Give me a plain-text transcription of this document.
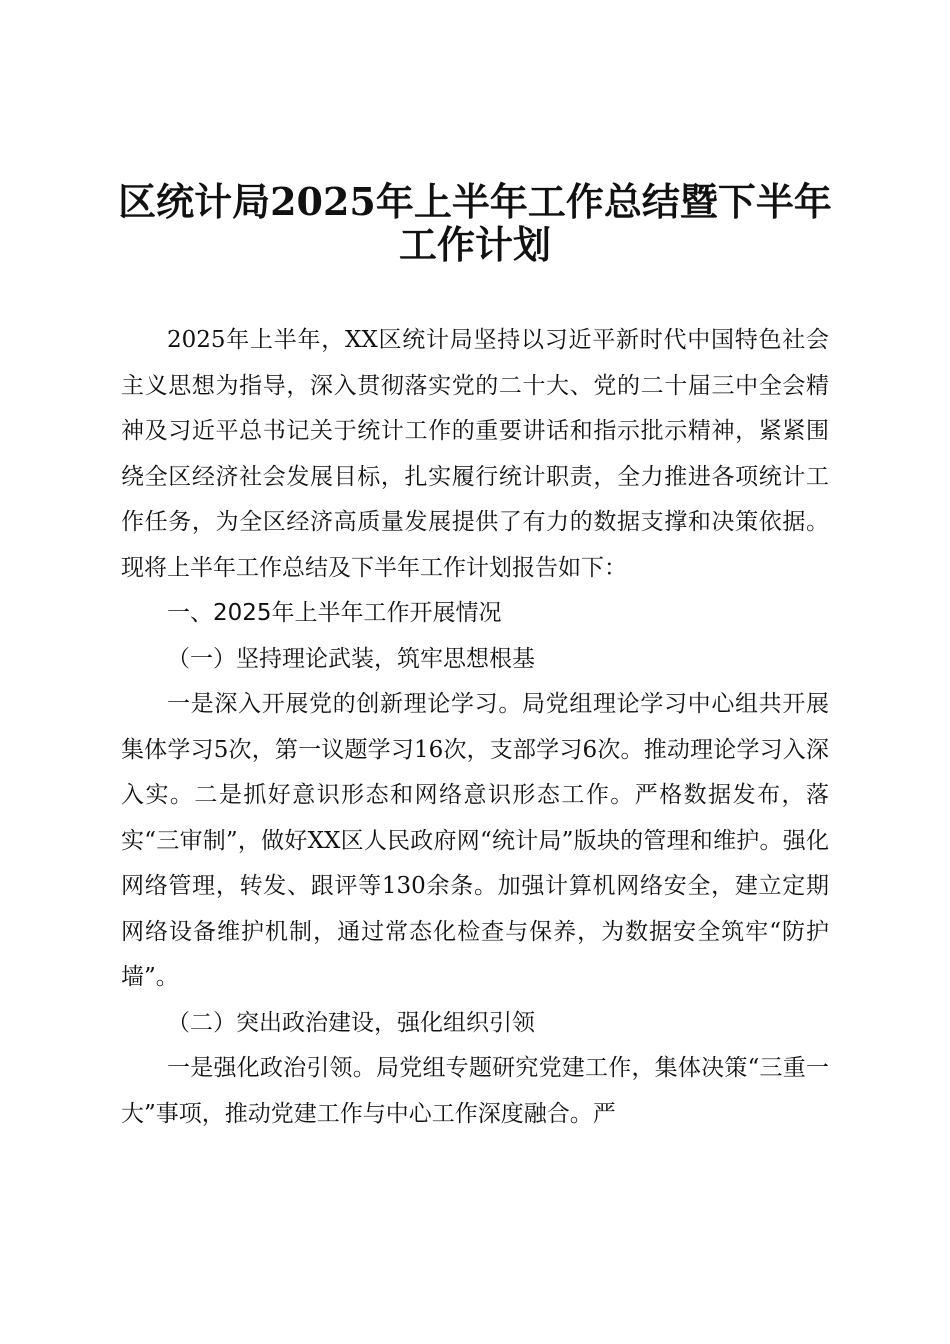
区统计局2025年上半年工作总结暨下半年工作计划

2025年上半年，XX区统计局坚持以习近平新时代中国特色社会主义思想为指导，深入贯彻落实党的二十大、党的二十届三中全会精神及习近平总书记关于统计工作的重要讲话和指示批示精神，紧紧围绕全区经济社会发展目标，扎实履行统计职责，全力推进各项统计工作任务，为全区经济高质量发展提供了有力的数据支撑和决策依据。现将上半年工作总结及下半年工作计划报告如下：

一、2025年上半年工作开展情况

（一）坚持理论武装，筑牢思想根基

一是深入开展党的创新理论学习。局党组理论学习中心组共开展集体学习5次，第一议题学习16次，支部学习6次。推动理论学习入深入实。二是抓好意识形态和网络意识形态工作。严格数据发布，落实“三审制”，做好XX区人民政府网“统计局”版块的管理和维护。强化网络管理，转发、跟评等130余条。加强计算机网络安全，建立定期网络设备维护机制，通过常态化检查与保养，为数据安全筑牢“防护墙”。

（二）突出政治建设，强化组织引领

一是强化政治引领。局党组专题研究党建工作，集体决策“三重一大”事项，推动党建工作与中心工作深度融合。严
